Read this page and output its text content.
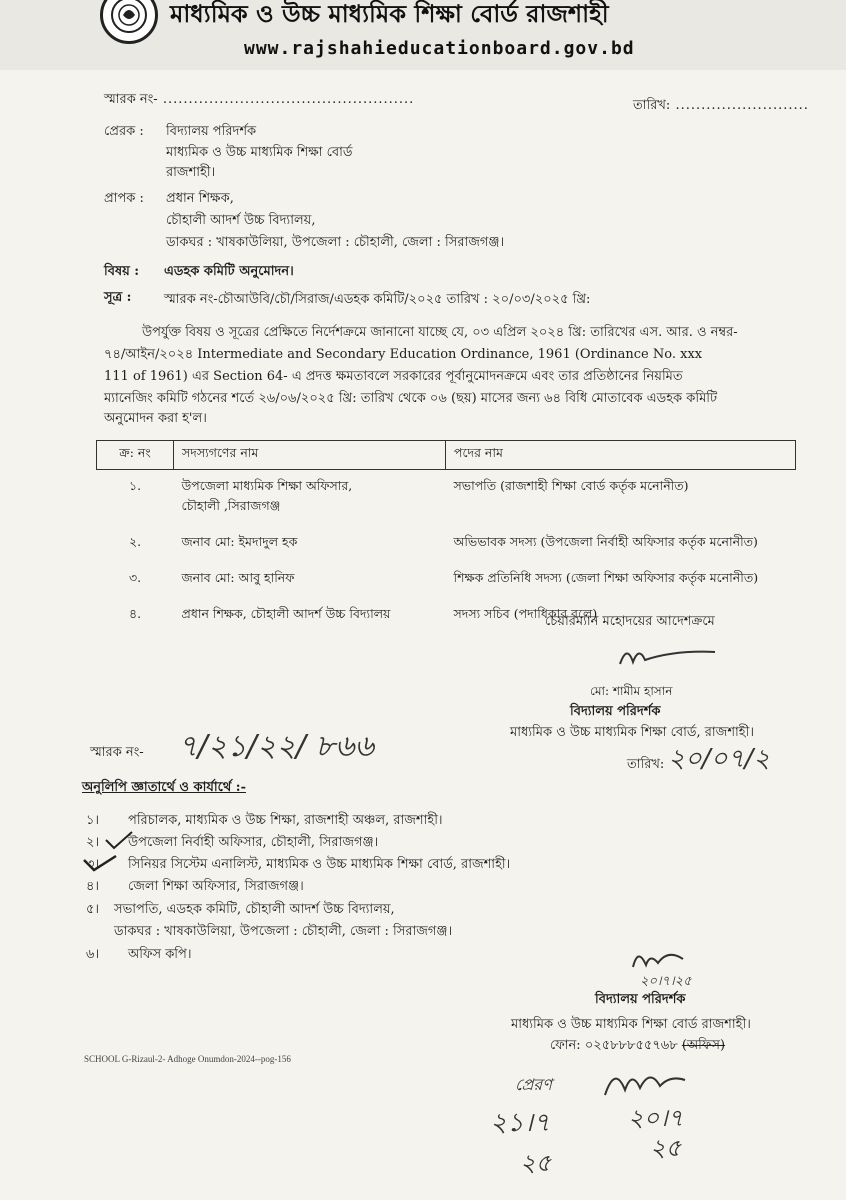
মাধ্যমিক ও উচ্চ মাধ্যমিক শিক্ষা বোর্ড রাজশাহী
www.rajshahieducationboard.gov.bd
স্মারক নং- .................................................	তারিখ: ..........................
প্রেরক : বিদ্যালয় পরিদর্শক
মাধ্যমিক ও উচ্চ মাধ্যমিক শিক্ষা বোর্ড
রাজশাহী।
প্রাপক : প্রধান শিক্ষক,
চৌহালী আদর্শ উচ্চ বিদ্যালয়,
ডাকঘর : খাষকাউলিয়া, উপজেলা : চৌহালী, জেলা : সিরাজগঞ্জ।
বিষয় : এডহক কমিটি অনুমোদন।
সূত্র :	স্মারক নং-চৌআউবি/চৌ/সিরাজ/এডহক কমিটি/২০২৫ তারিখ : ২০/০৩/২০২৫ খ্রি:
উপর্যুক্ত বিষয় ও সূত্রের প্রেক্ষিতে নির্দেশক্রমে জানানো যাচ্ছে যে, ০৩ এপ্রিল ২০২৪ খ্রি: তারিখের এস. আর. ও নম্বর-
৭৪/আইন/২০২৪ Intermediate and Secondary Education Ordinance, 1961 (Ordinance No. xxx
111 of 1961) এর Section 64- এ প্রদত্ত ক্ষমতাবলে সরকারের পূর্বানুমোদনক্রমে এবং তার প্রতিষ্ঠানের নিয়মিত
ম্যানেজিং কমিটি গঠনের শর্তে ২৬/০৬/২০২৫ খ্রি: তারিখ থেকে ০৬ (ছয়) মাসের জন্য ৬৪ বিধি মোতাবেক এডহক কমিটি
অনুমোদন করা হ'ল।
ক্র: নং	সদস্যগণের নাম	পদের নাম
১.	উপজেলা মাধ্যমিক শিক্ষা অফিসার,
চৌহালী ,সিরাজগঞ্জ	সভাপতি (রাজশাহী শিক্ষা বোর্ড কর্তৃক মনোনীত)
২.	জনাব মো: ইমদাদুল হক	অভিভাবক সদস্য (উপজেলা নির্বাহী অফিসার কর্তৃক মনোনীত)
৩.	জনাব মো: আবু হানিফ	শিক্ষক প্রতিনিধি সদস্য (জেলা শিক্ষা অফিসার কর্তৃক মনোনীত)
৪.	প্রধান শিক্ষক, চৌহালী আদর্শ উচ্চ বিদ্যালয়	সদস্য সচিব (পদাধিকার বলে)
চেয়ারম্যান মহোদয়ের আদেশক্রমে
মো: শামীম হাসান
বিদ্যালয় পরিদর্শক
মাধ্যমিক ও উচ্চ মাধ্যমিক শিক্ষা বোর্ড, রাজশাহী।
স্মারক নং- ৭/২১/২২/ ৮৬৬
তারিখ: ২০/০৭/২
অনুলিপি জ্ঞাতার্থে ও কার্যার্থে :-
১। পরিচালক, মাধ্যমিক ও উচ্চ শিক্ষা, রাজশাহী অঞ্চল, রাজশাহী।
২। উপজেলা নির্বাহী অফিসার, চৌহালী, সিরাজগঞ্জ।
৩। সিনিয়র সিস্টেম এনালিস্ট, মাধ্যমিক ও উচ্চ মাধ্যমিক শিক্ষা বোর্ড, রাজশাহী।
৪। জেলা শিক্ষা অফিসার, সিরাজগঞ্জ।
৫। সভাপতি, এডহক কমিটি, চৌহালী আদর্শ উচ্চ বিদ্যালয়,
ডাকঘর : খাষকাউলিয়া, উপজেলা : চৌহালী, জেলা : সিরাজগঞ্জ।
৬। অফিস কপি।
২০।৭।২৫
বিদ্যালয় পরিদর্শক
মাধ্যমিক ও উচ্চ মাধ্যমিক শিক্ষা বোর্ড রাজশাহী।
ফোন: ০২৫৮৮৮৫৫৭৬৮ (অফিস)
SCHOOL G-Rizaul-2- Adhoge Onumdon-2024--pog-156
প্রেরণ
২১।৭
২৫
২০।৭
২৫
